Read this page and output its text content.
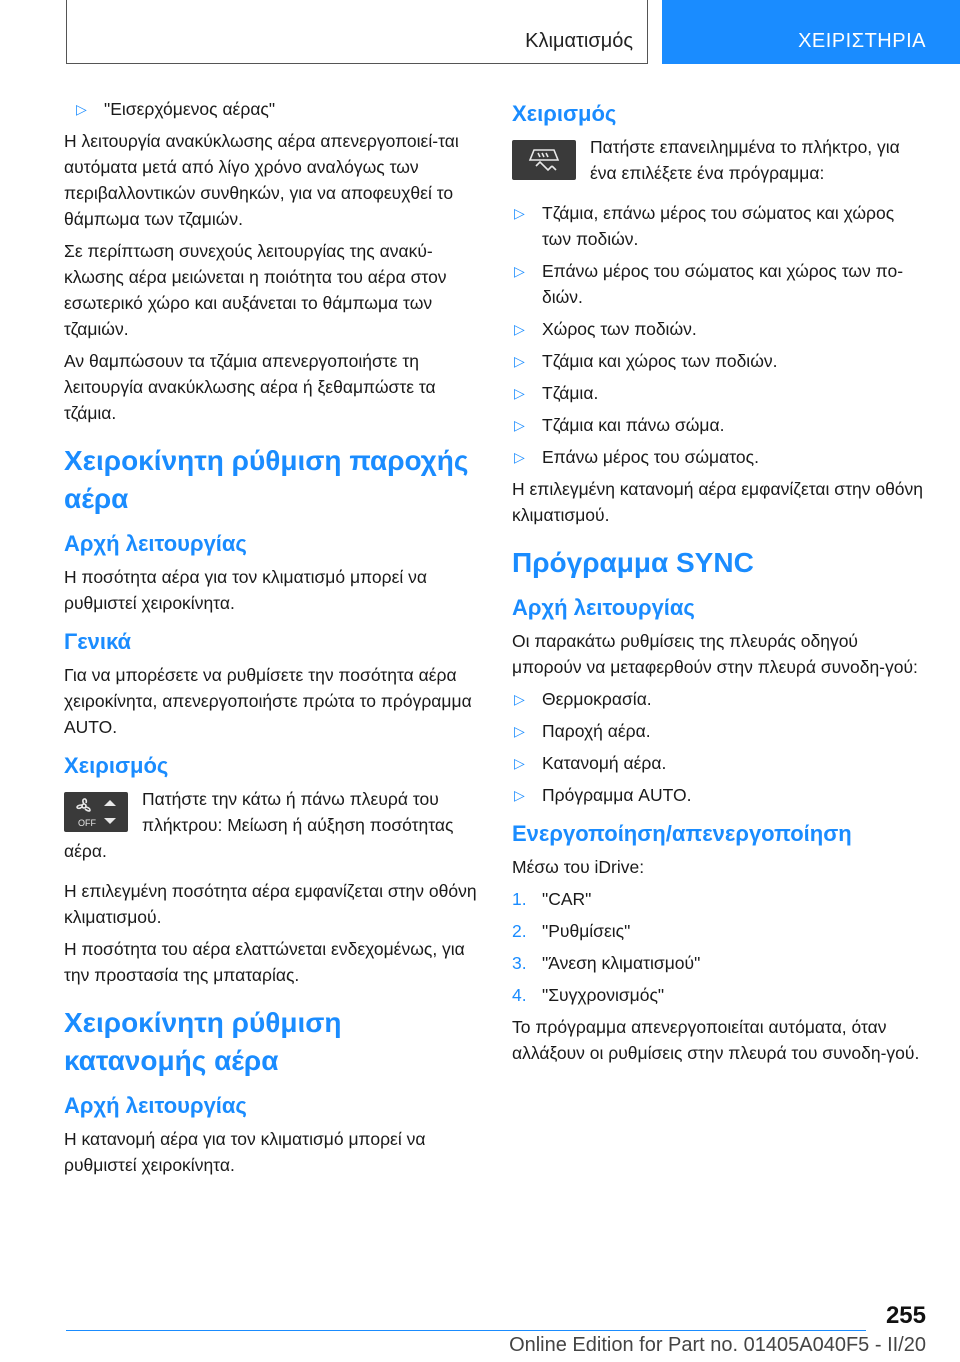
Κλιματισμός	ΧΕΙΡΙΣΤΗΡΙΑ
▷ "Εισερχόμενος αέρας"

Η λειτουργία ανακύκλωσης αέρα απενεργοποιεί-ται αυτόματα μετά από λίγο χρόνο αναλόγως των περιβαλλοντικών συνθηκών, για να αποφευχθεί το θάμπωμα των τζαμιών.

Σε περίπτωση συνεχούς λειτουργίας της ανακύ-κλωσης αέρα μειώνεται η ποιότητα του αέρα στον εσωτερικό χώρο και αυξάνεται το θάμπωμα των τζαμιών.

Αν θαμπώσουν τα τζάμια απενεργοποιήστε τη λειτουργία ανακύκλωσης αέρα ή ξεθαμπώστε τα τζάμια.

Χειροκίνητη ρύθμιση παροχής αέρα
Αρχή λειτουργίας

Η ποσότητα αέρα για τον κλιματισμό μπορεί να ρυθμιστεί χειροκίνητα.

Γενικά

Για να μπορέσετε να ρυθμίσετε την ποσότητα αέρα χειροκίνητα, απενεργοποιήστε πρώτα το πρόγραμμα AUTO.

Χειρισμός
OFF

Πατήστε την κάτω ή πάνω πλευρά του πλήκτρου: Μείωση ή αύξηση ποσότητας αέρα.

Η επιλεγμένη ποσότητα αέρα εμφανίζεται στην οθόνη κλιματισμού.

Η ποσότητα του αέρα ελαττώνεται ενδεχομένως, για την προστασία της μπαταρίας.

Χειροκίνητη ρύθμιση κατανομής αέρα
Αρχή λειτουργίας

Η κατανομή αέρα για τον κλιματισμό μπορεί να ρυθμιστεί χειροκίνητα.

Χειρισμός

Πατήστε επανειλημμένα το πλήκτρο, για ένα επιλέξετε ένα πρόγραμμα:

▷ Τζάμια, επάνω μέρος του σώματος και χώρος των ποδιών.
▷ Επάνω μέρος του σώματος και χώρος των πο-διών.
▷ Χώρος των ποδιών.
▷ Τζάμια και χώρος των ποδιών.
▷ Τζάμια.
▷ Τζάμια και πάνω σώμα.
▷ Επάνω μέρος του σώματος.

Η επιλεγμένη κατανομή αέρα εμφανίζεται στην οθόνη κλιματισμού.

Πρόγραμμα SYNC
Αρχή λειτουργίας

Οι παρακάτω ρυθμίσεις της πλευράς οδηγού μπορούν να μεταφερθούν στην πλευρά συνοδη-γού:

▷ Θερμοκρασία.
▷ Παροχή αέρα.
▷ Κατανομή αέρα.
▷ Πρόγραμμα AUTO.
Ενεργοποίηση/απενεργοποίηση

Μέσω του iDrive:

1. "CAR"
2. "Ρυθμίσεις"
3. "Άνεση κλιματισμού"
4. "Συγχρονισμός"

Το πρόγραμμα απενεργοποιείται αυτόματα, όταν αλλάξουν οι ρυθμίσεις στην πλευρά του συνοδη-γού.

255
Online Edition for Part no. 01405A040F5 - II/20
